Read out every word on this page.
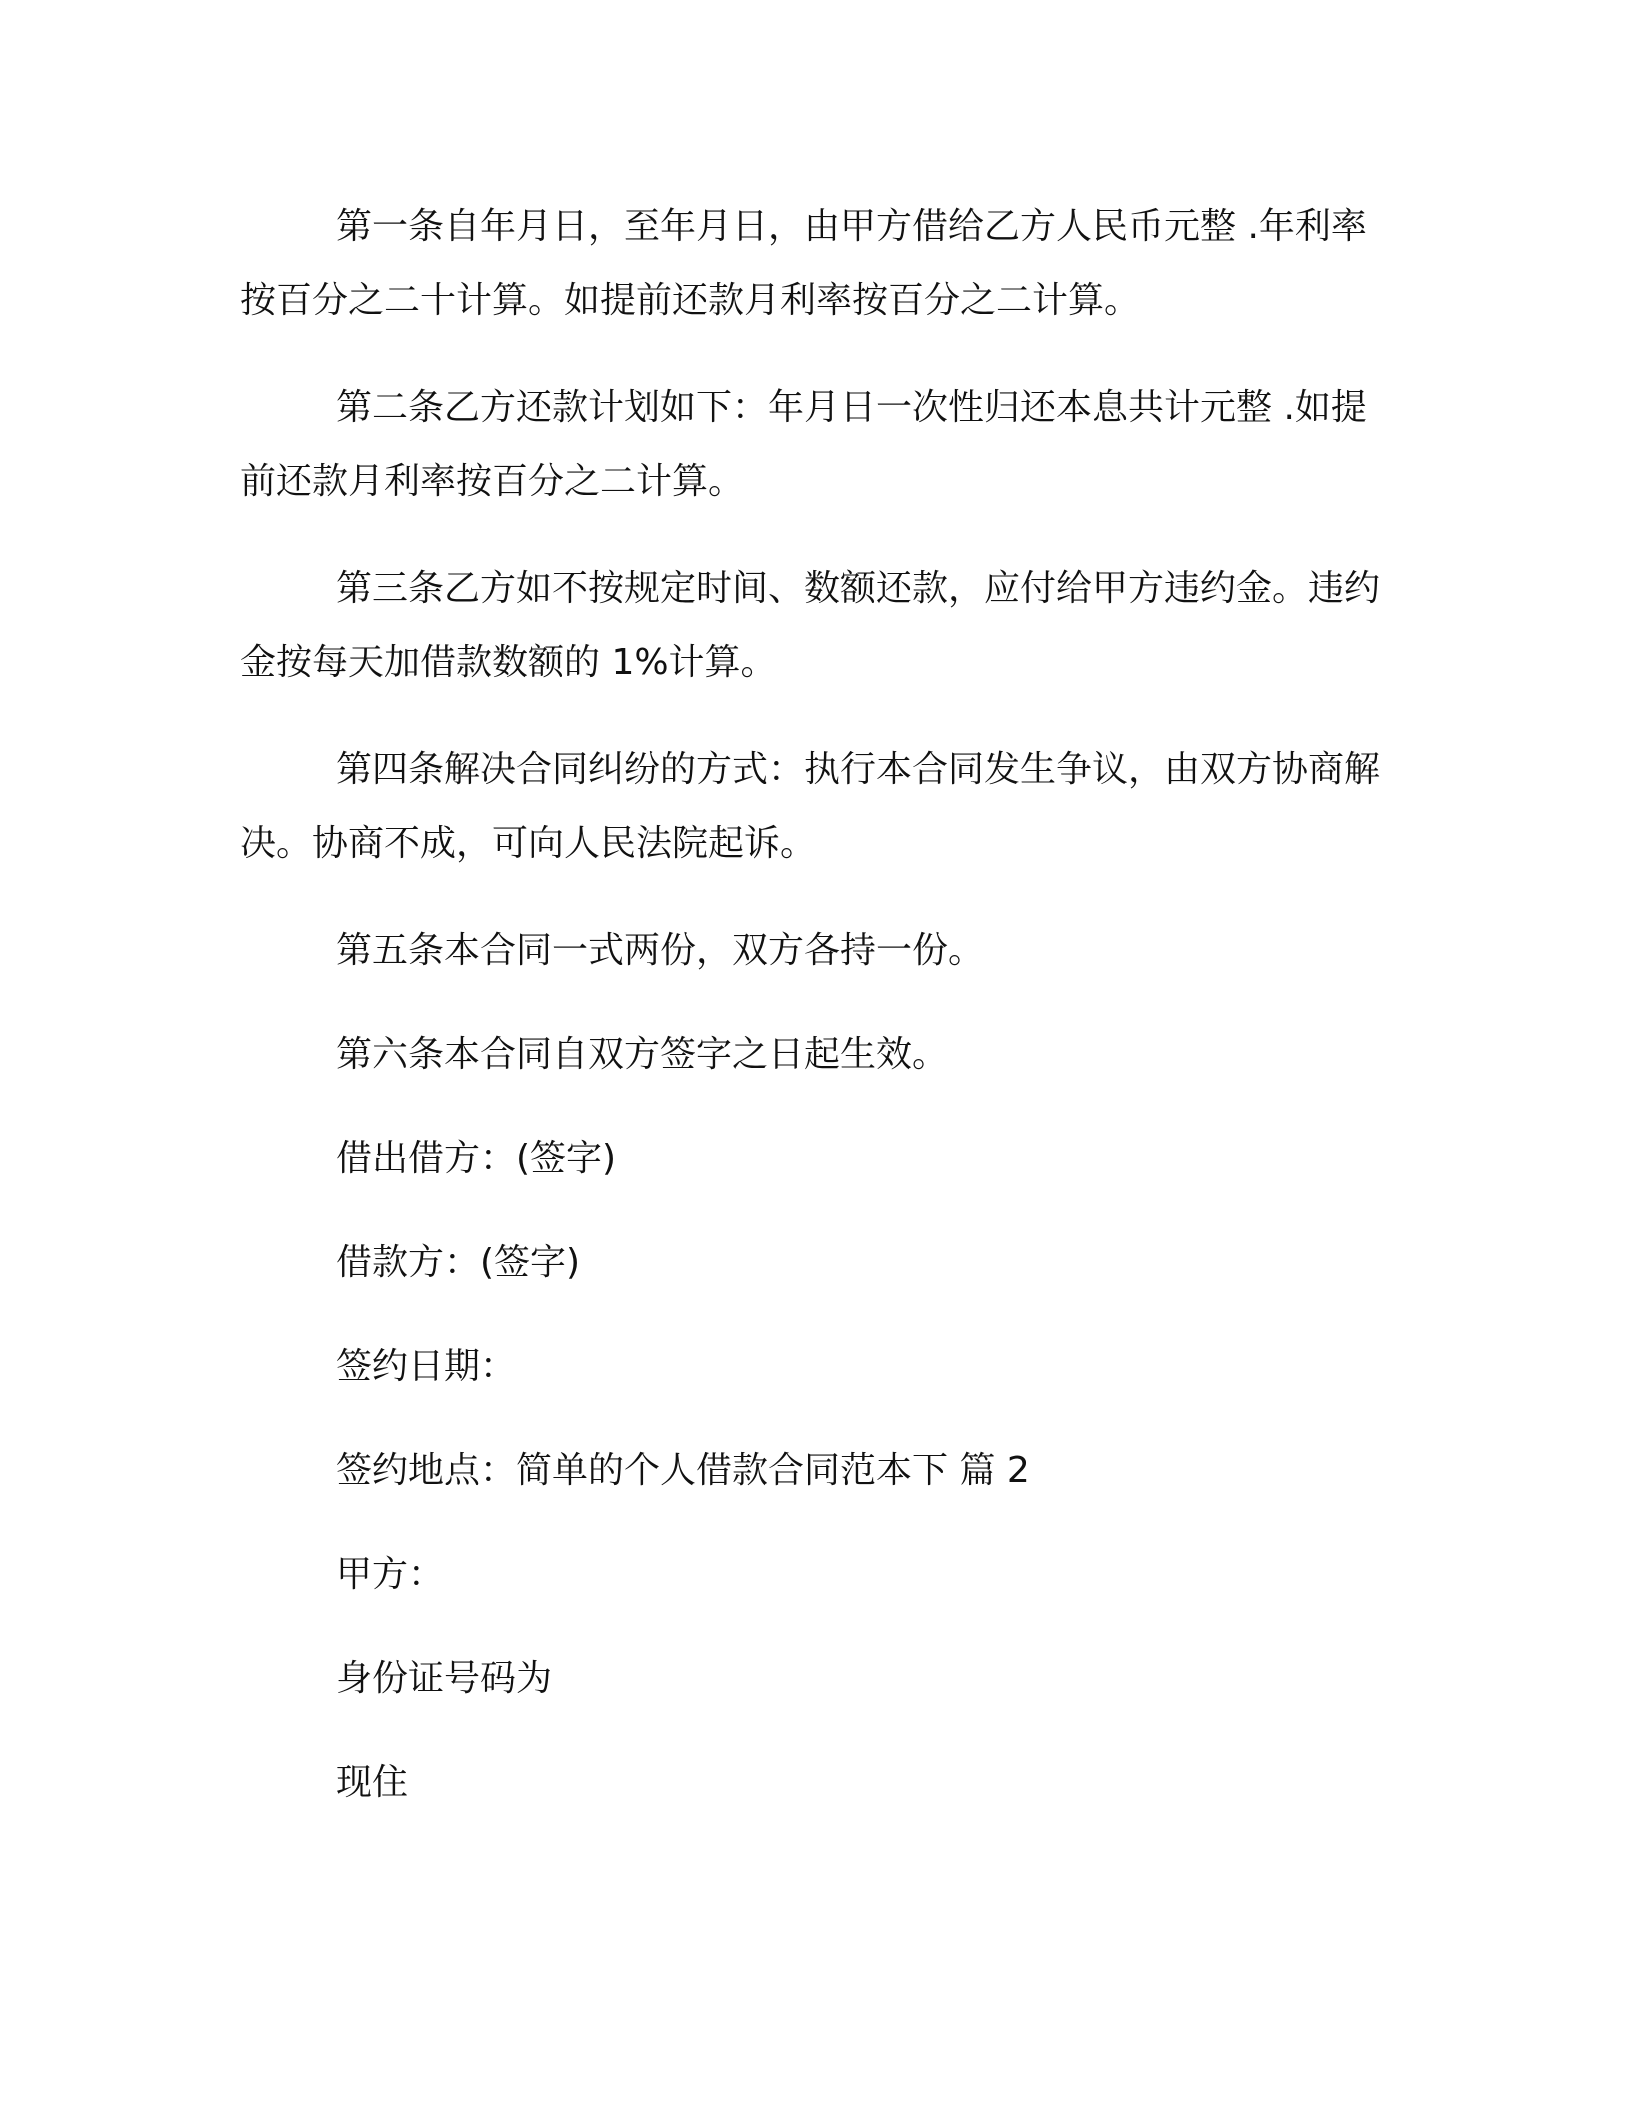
第一条自年月日，至年月日，由甲方借给乙方人民币元整 .年利率按百分之二十计算。如提前还款月利率按百分之二计算。

第二条乙方还款计划如下：年月日一次性归还本息共计元整 .如提前还款月利率按百分之二计算。

第三条乙方如不按规定时间、数额还款，应付给甲方违约金。违约金按每天加借款数额的 1%计算。

第四条解决合同纠纷的方式：执行本合同发生争议，由双方协商解决。协商不成，可向人民法院起诉。

第五条本合同一式两份，双方各持一份。

第六条本合同自双方签字之日起生效。

借出借方：(签字)

借款方：(签字)

签约日期：

签约地点：简单的个人借款合同范本下 篇 2

甲方：

身份证号码为

现住
